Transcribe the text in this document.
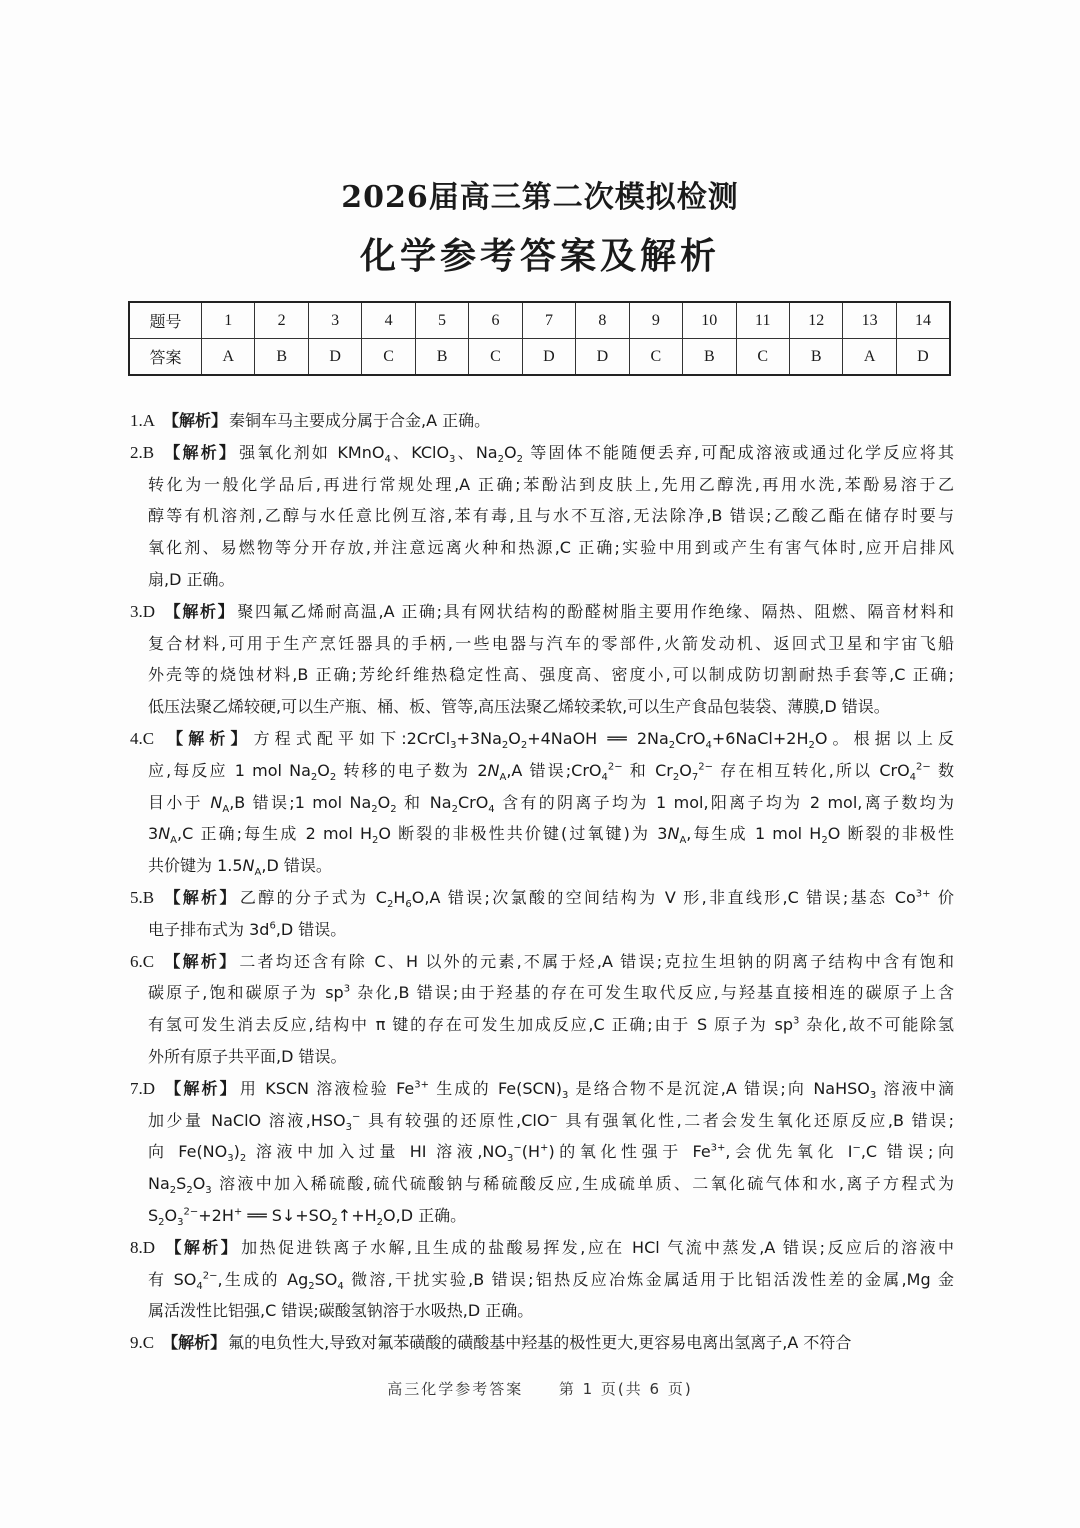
2026届高三第二次模拟检测
化学参考答案及解析
题号	1	2	3	4	5	6	7	8	9	10	11	12	13	14
答案	A	B	D	C	B	C	D	D	C	B	C	B	A	D
1.A 【解析】 秦铜车马主要成分属于合金,A 正确。
2.B 【解析】 强氧化剂如 KMnO$_4$、KClO$_3$、$Na_2O_2$ 等固体不能随便丢弃,可配成溶液或通过化学反应将其
转化为一般化学品后,再进行常规处理,A 正确;苯酚沾到皮肤上,先用乙醇洗,再用水洗,苯酚易溶于乙
醇等有机溶剂,乙醇与水任意比例互溶,苯有毒,且与水不互溶,无法除净,B 错误;乙酸乙酯在储存时要与
氧化剂、易燃物等分开存放,并注意远离火种和热源,C 正确;实验中用到或产生有害气体时,应开启排风
扇,D 正确。
3.D 【解析】 聚四氟乙烯耐高温,A 正确;具有网状结构的酚醛树脂主要用作绝缘、隔热、阻燃、隔音材料和
复合材料,可用于生产烹饪器具的手柄,一些电器与汽车的零部件,火箭发动机、返回式卫星和宇宙飞船
外壳等的烧蚀材料,B 正确;芳纶纤维热稳定性高、强度高、密度小,可以制成防切割耐热手套等,C 正确;
低压法聚乙烯较硬,可以生产瓶、桶、板、管等,高压法聚乙烯较柔软,可以生产食品包装袋、薄膜,D 错误。
4.C 【解析】 方程式配平如下$:2CrCl_3+3Na_2O_2+4NaOH$ ══ $2Na_2CrO_4+6NaCl+2H_2O$。根据以上反
应,每反应 1 mol $Na_2O_2$ 转移的电子数为 $2N_A,A$ 错误;CrO$_4^{2-}$ 和 $Cr_2O_7^{2-}$ 存在相互转化,所以 CrO$_4^{2-}$ 数
目小于 $N_A,B$ 错误;1 mol $Na_2O_2$ 和 $Na_2CrO_4$ 含有的阴离子均为 1 mol,阳离子均为 2 mol,离子数均为
$3N_A,C$ 正确;每生成 2 mol $H_2O$ 断裂的非极性共价键(过氧键)为 $3N_A$,每生成 1 mol $H_2O$ 断裂的非极性
共价键为 $1.5N_A,D$ 错误。
5.B 【解析】 乙醇的分子式为 $C_2H_6O,A$ 错误;次氯酸的空间结构为 V 形,非直线形,C 错误;基态 $Co^{3+}$ 价
电子排布式为 $3d^6,D$ 错误。
6.C 【解析】 二者均还含有除 C、H 以外的元素,不属于烃,A 错误;克拉生坦钠的阴离子结构中含有饱和
碳原子,饱和碳原子为 $sp^3$ 杂化,B 错误;由于羟基的存在可发生取代反应,与羟基直接相连的碳原子上含
有氢可发生消去反应,结构中 π 键的存在可发生加成反应,C 正确;由于 S 原子为 $sp^3$ 杂化,故不可能除氢
外所有原子共平面,D 错误。
7.D 【解析】 用 KSCN 溶液检验 $Fe^{3+}$ 生成的 $Fe(SCN)_3$ 是络合物不是沉淀,A 错误;向 NaHSO$_3$ 溶液中滴
加少量 NaClO 溶液$,HSO_3^-$ 具有较强的还原性,ClO− 具有强氧化性,二者会发生氧化还原反应,B 错误;
向 $Fe(NO_3)_2$ 溶液中加入过量 HI 溶液$,NO_3^-(H^+)$的氧化性强于 $Fe^{3+}$,会优先氧化 I−,C 错误;向
$Na_2S_2O_3$ 溶液中加入稀硫酸,硫代硫酸钠与稀硫酸反应,生成硫单质、二氧化硫气体和水,离子方程式为
$S_2O_3^{2-}+2H^+$ ══ $S↓+SO_2↑+H_2O,D$ 正确。
8.D 【解析】 加热促进铁离子水解,且生成的盐酸易挥发,应在 HCl 气流中蒸发,A 错误;反应后的溶液中
有 $SO_4^{2-}$,生成的 $Ag_2SO_4$ 微溶,干扰实验,B 错误;铝热反应冶炼金属适用于比铝活泼性差的金属,Mg 金
属活泼性比铝强,C 错误;碳酸氢钠溶于水吸热,D 正确。
9.C 【解析】 氟的电负性大,导致对氟苯磺酸的磺酸基中羟基的极性更大,更容易电离出氢离子,A 不符合
高三化学参考答案 第 1 页(共 6 页)
